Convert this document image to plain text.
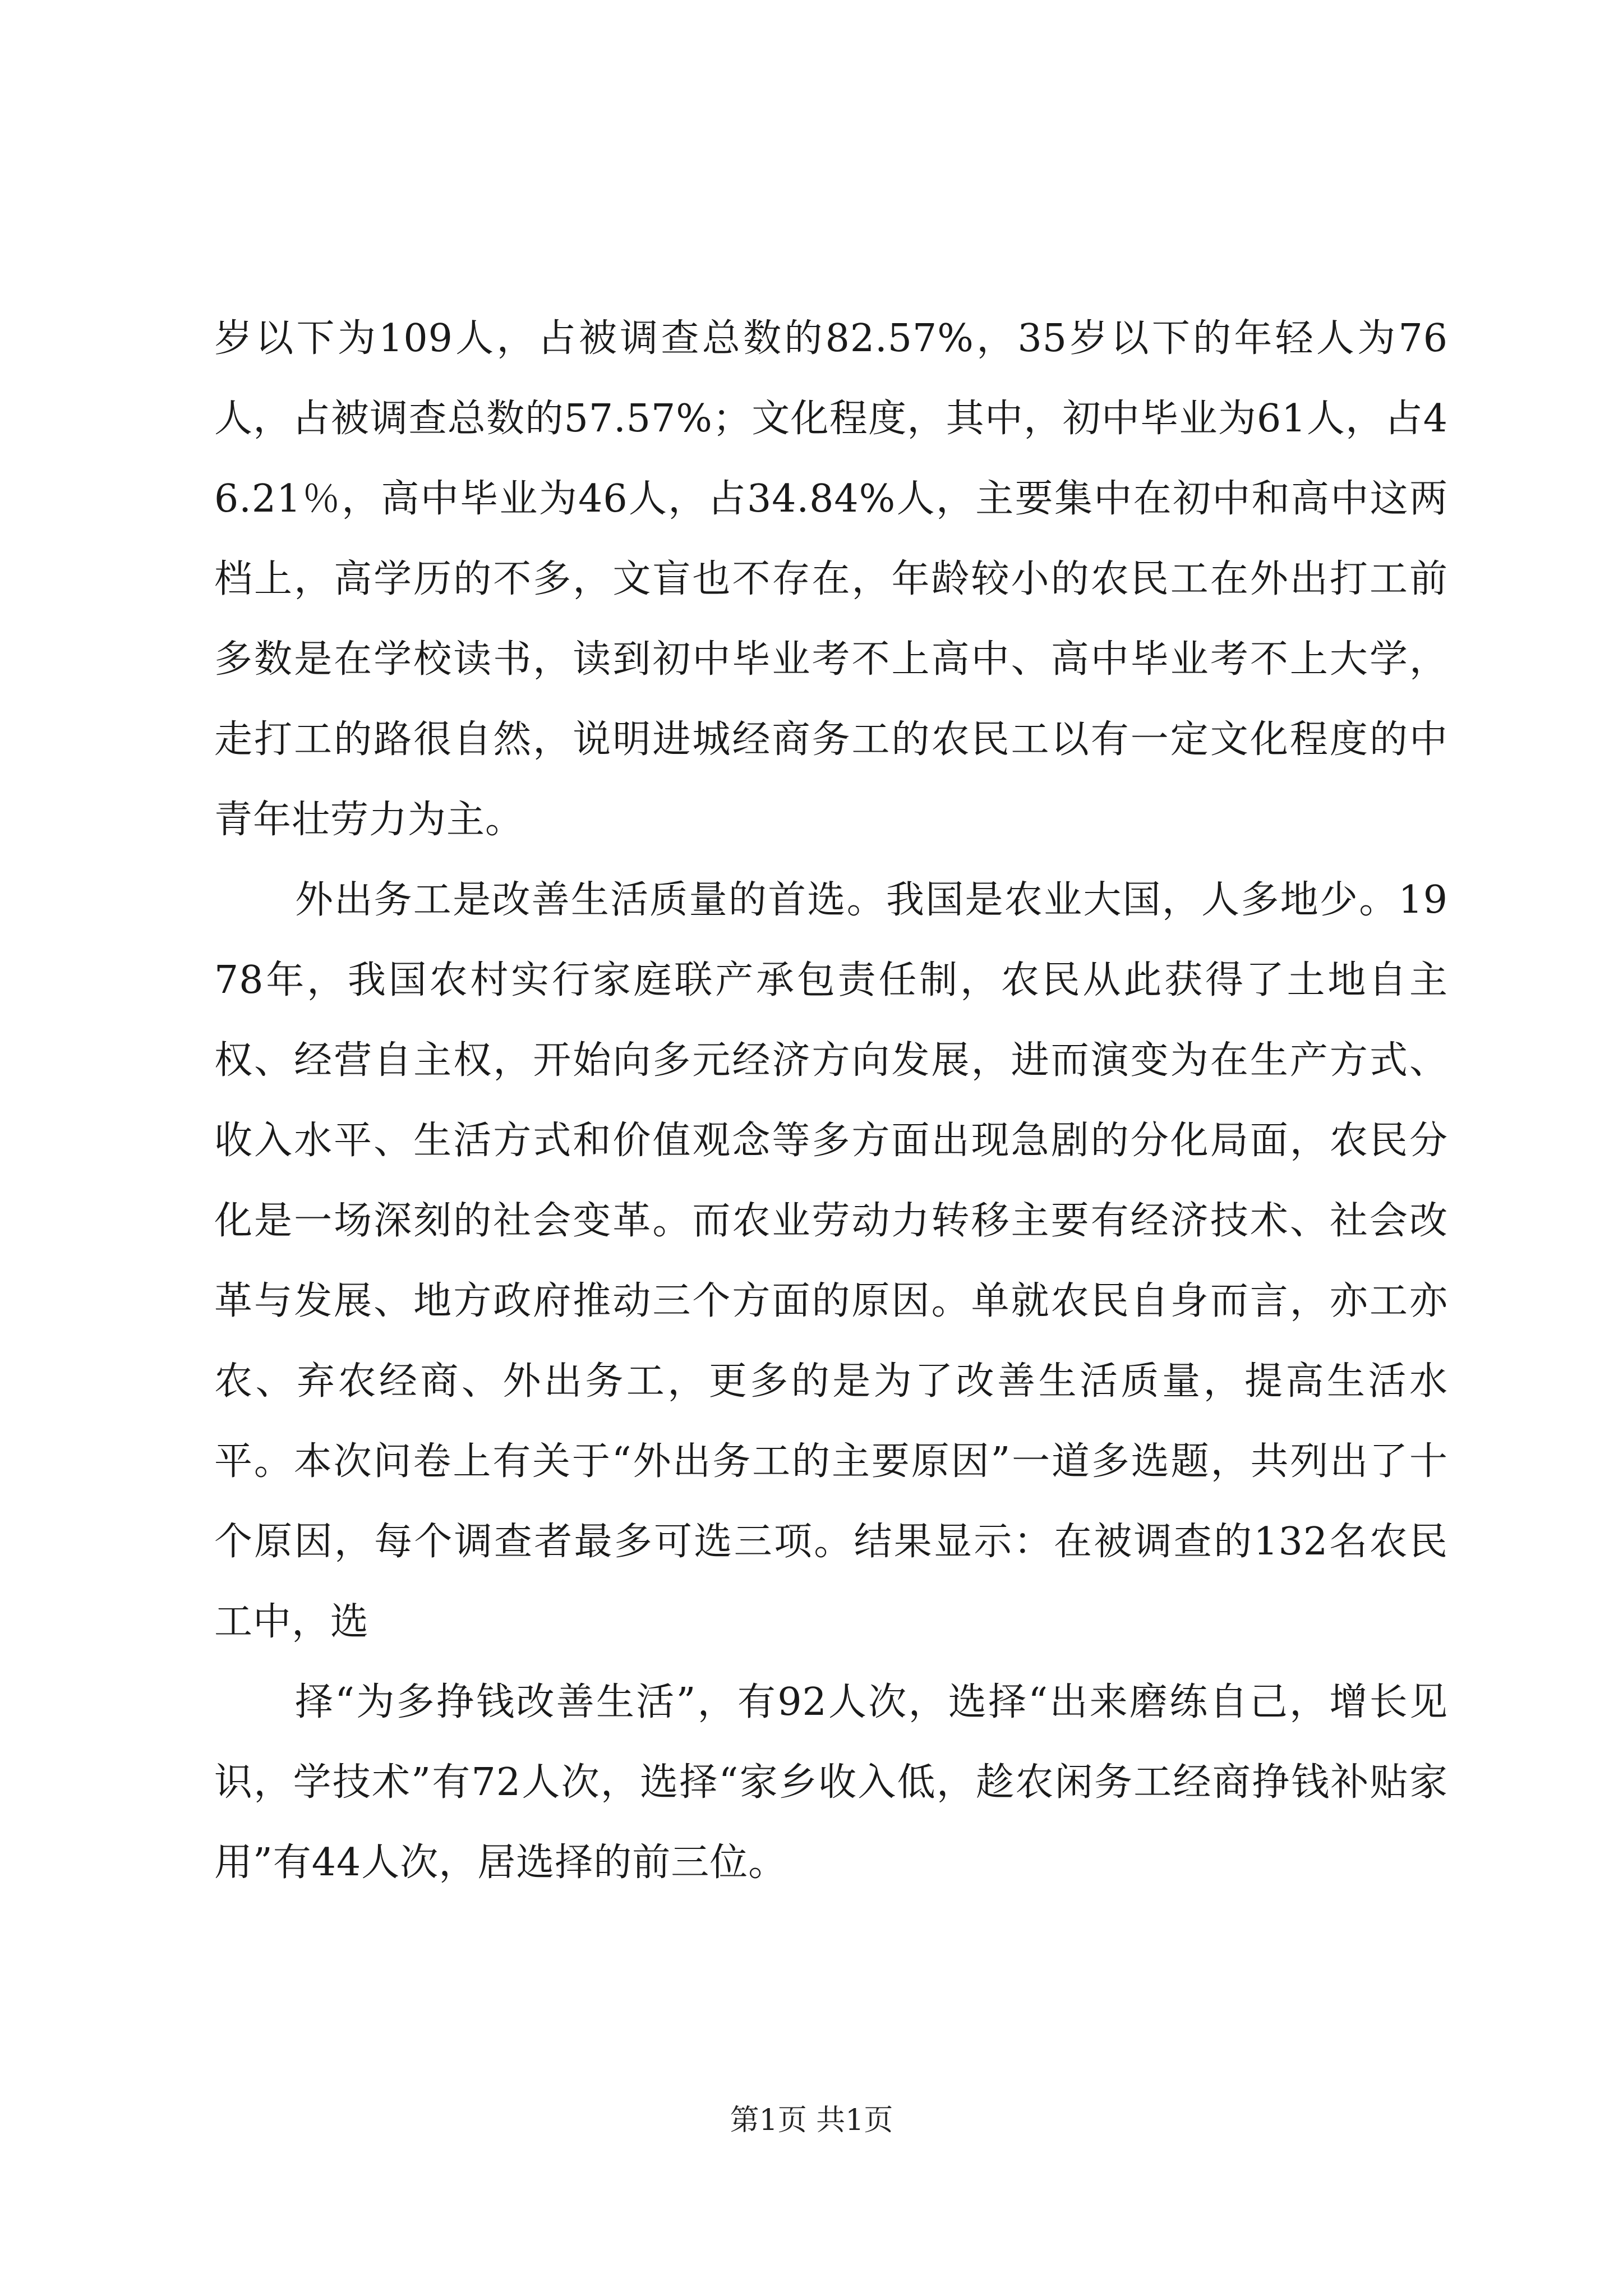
岁以下为109人，占被调查总数的82.57%，35岁以下的年轻人为76人，占被调查总数的57.57%；文化程度，其中，初中毕业为61人，占46.21％，高中毕业为46人，占34.84%人，主要集中在初中和高中这两档上，高学历的不多，文盲也不存在，年龄较小的农民工在外出打工前多数是在学校读书，读到初中毕业考不上高中、高中毕业考不上大学，走打工的路很自然，说明进城经商务工的农民工以有一定文化程度的中青年壮劳力为主。

外出务工是改善生活质量的首选。我国是农业大国，人多地少。1978年，我国农村实行家庭联产承包责任制，农民从此获得了土地自主权、经营自主权，开始向多元经济方向发展，进而演变为在生产方式、收入水平、生活方式和价值观念等多方面出现急剧的分化局面，农民分化是一场深刻的社会变革。而农业劳动力转移主要有经济技术、社会改革与发展、地方政府推动三个方面的原因。单就农民自身而言，亦工亦农、弃农经商、外出务工，更多的是为了改善生活质量，提高生活水平。本次问卷上有关于“外出务工的主要原因”一道多选题，共列出了十个原因，每个调查者最多可选三项。结果显示：在被调查的132名农民工中，选

择“为多挣钱改善生活”，有92人次，选择“出来磨练自己，增长见识，学技术”有72人次，选择“家乡收入低，趁农闲务工经商挣钱补贴家用”有44人次，居选择的前三位。

第1页 共1页
